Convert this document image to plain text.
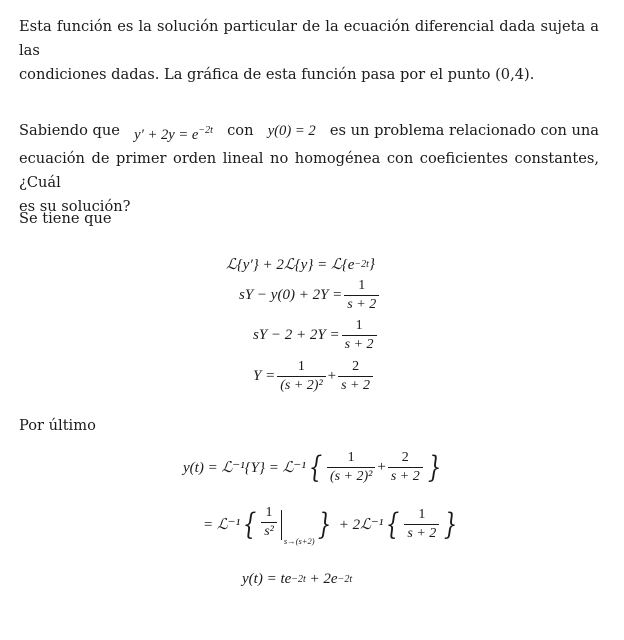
Esta función es la solución particular de la ecuación diferencial dada sujeta a las
condiciones dadas. La gráfica de esta función pasa por el punto (0,4).
Sabiendo que $y' + 2y = e^{-2t}$ con y(0) = 2 es un problema relacionado con una
ecuación de primer orden lineal no homogénea con coeficientes constantes, ¿Cuál
es su solución?
Se tiene que
ℒ{y′} + 2ℒ{y} = ℒ{e −2t }
sY − $y(0) + 2Y = \frac{1}{s + 2}$
sY − $2 + 2Y = \frac{1}{s + 2}$
$Y = \frac{1}{\text{(s + 2)²}} + \frac{2}{s + 2}$
Por último
y(t) = ℒ⁻¹{Y} = ℒ⁻¹ { $\frac{1}{\text{(s + 2)²}} + \frac{2}{s + 2}$ }
= ℒ⁻¹ { $\frac{1}{\text{s²}}$
s→(s+2) } + 2ℒ⁻¹ { $\frac{1}{s + 2}$ }
y(t) = te −2t + 2e −2t
